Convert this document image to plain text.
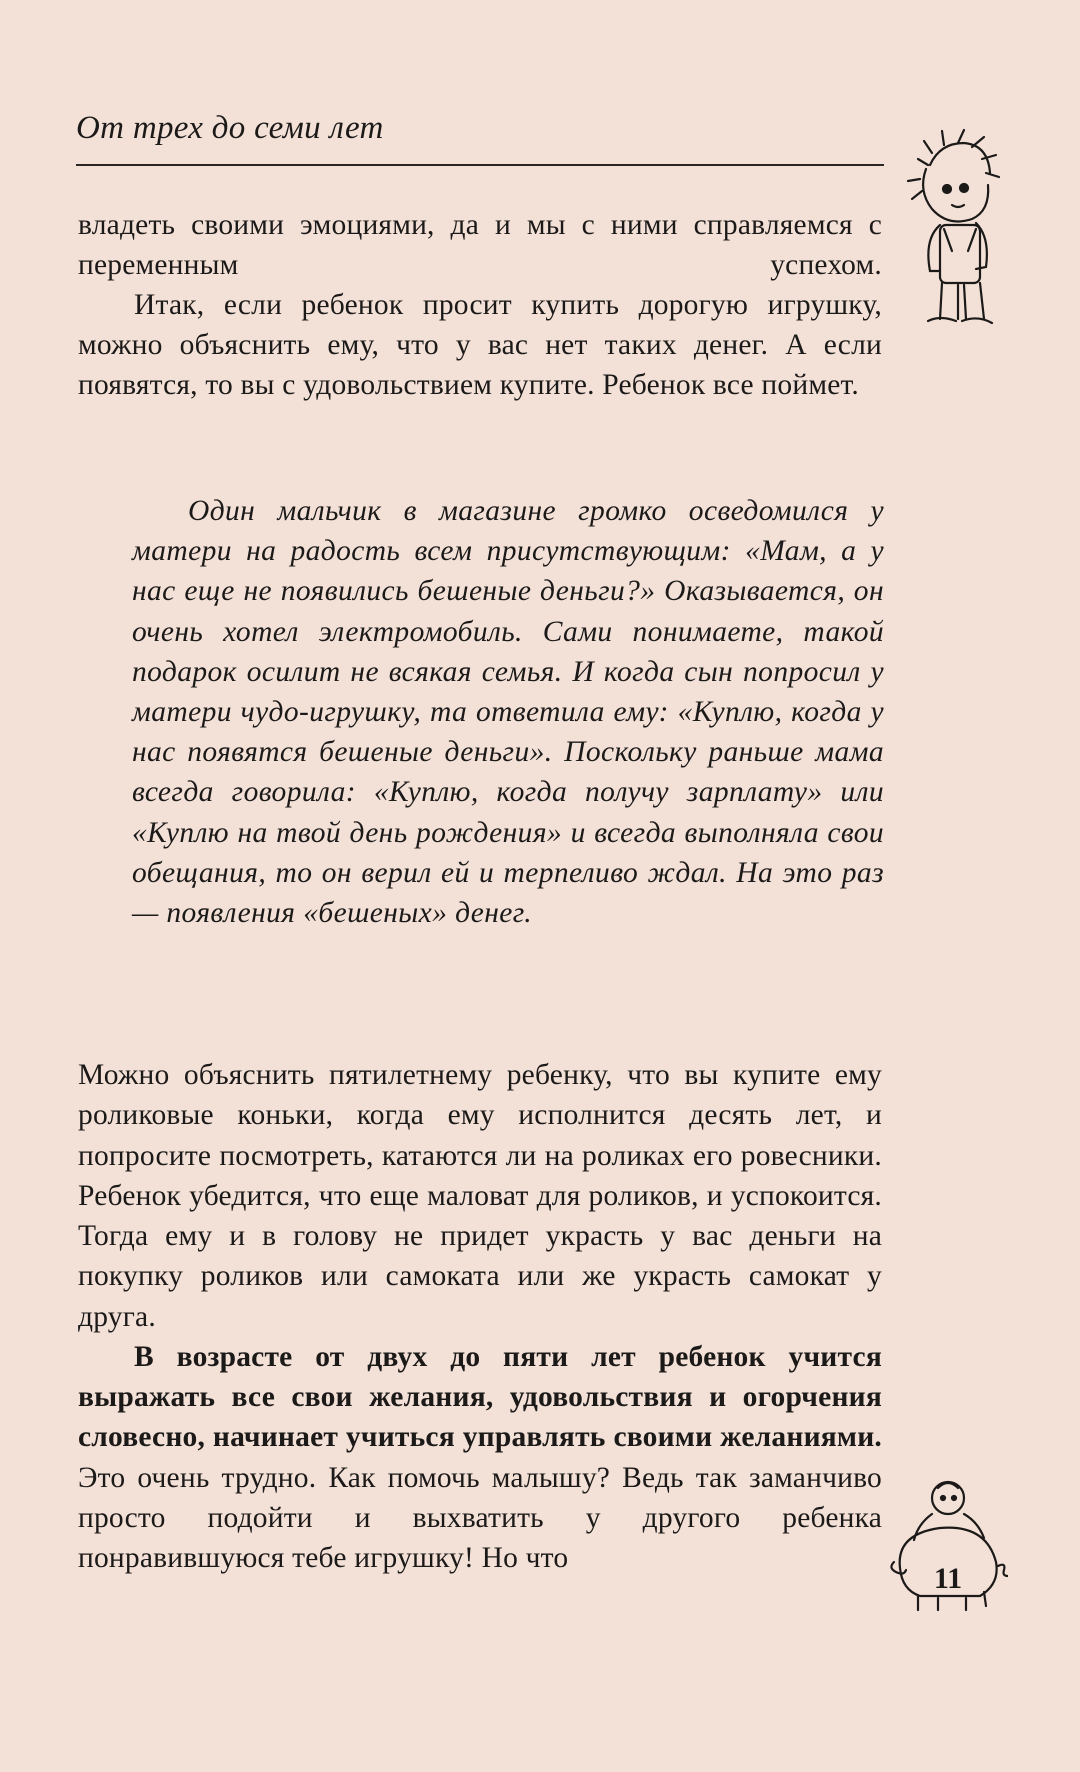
От трех до семи лет

владеть своими эмоциями, да и мы с ними справляемся с переменным успехом.

Итак, если ребенок просит купить дорогую игрушку, можно объяснить ему, что у вас нет таких денег. А если появятся, то вы с удовольствием купите. Ребенок все поймет.

Один мальчик в магазине громко осведомился у матери на радость всем присутствующим: «Мам, а у нас еще не появились бешеные деньги?» Оказывается, он очень хотел электромобиль. Сами понимаете, такой подарок осилит не всякая семья. И когда сын попросил у матери чудо-игрушку, та ответила ему: «Куплю, когда у нас появятся бешеные деньги». Поскольку раньше мама всегда говорила: «Куплю, когда получу зарплату» или «Куплю на твой день рождения» и всегда выполняла свои обещания, то он верил ей и терпеливо ждал. На это раз — появления «бешеных» денег.

Можно объяснить пятилетнему ребенку, что вы купите ему роликовые коньки, когда ему исполнится десять лет, и попросите посмотреть, катаются ли на роликах его ровесники. Ребенок убедится, что еще маловат для роликов, и успокоится. Тогда ему и в голову не придет украсть у вас деньги на покупку роликов или самоката или же украсть самокат у друга.

В возрасте от двух до пяти лет ребенок учится выражать все свои желания, удовольствия и огорчения словесно, начинает учиться управлять своими желаниями. Это очень трудно. Как помочь малышу? Ведь так заманчиво просто подойти и выхватить у другого ребенка понравившуюся тебе игрушку! Но что

11
